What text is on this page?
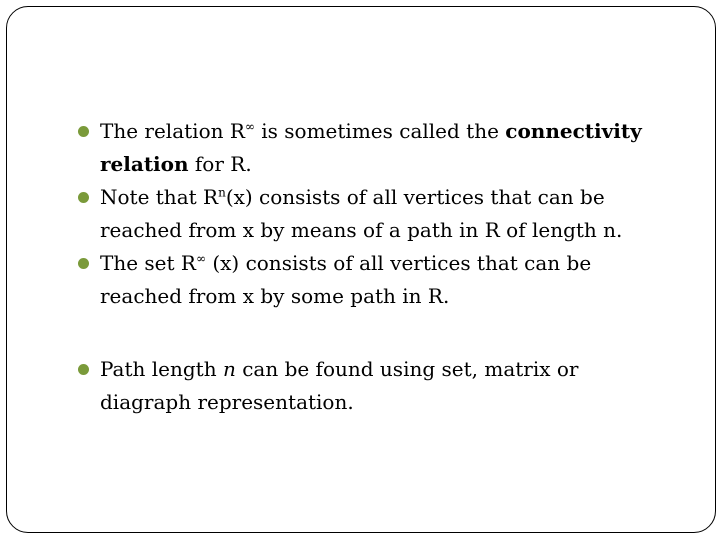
The relation R∞ is sometimes called the connectivity relation for R.

Note that $R^n(x)$ consists of all vertices that can be reached from x by means of a path in R of length n.

The set R∞ (x) consists of all vertices that can be reached from x by some path in R.

Path length n can be found using set, matrix or diagraph representation.
